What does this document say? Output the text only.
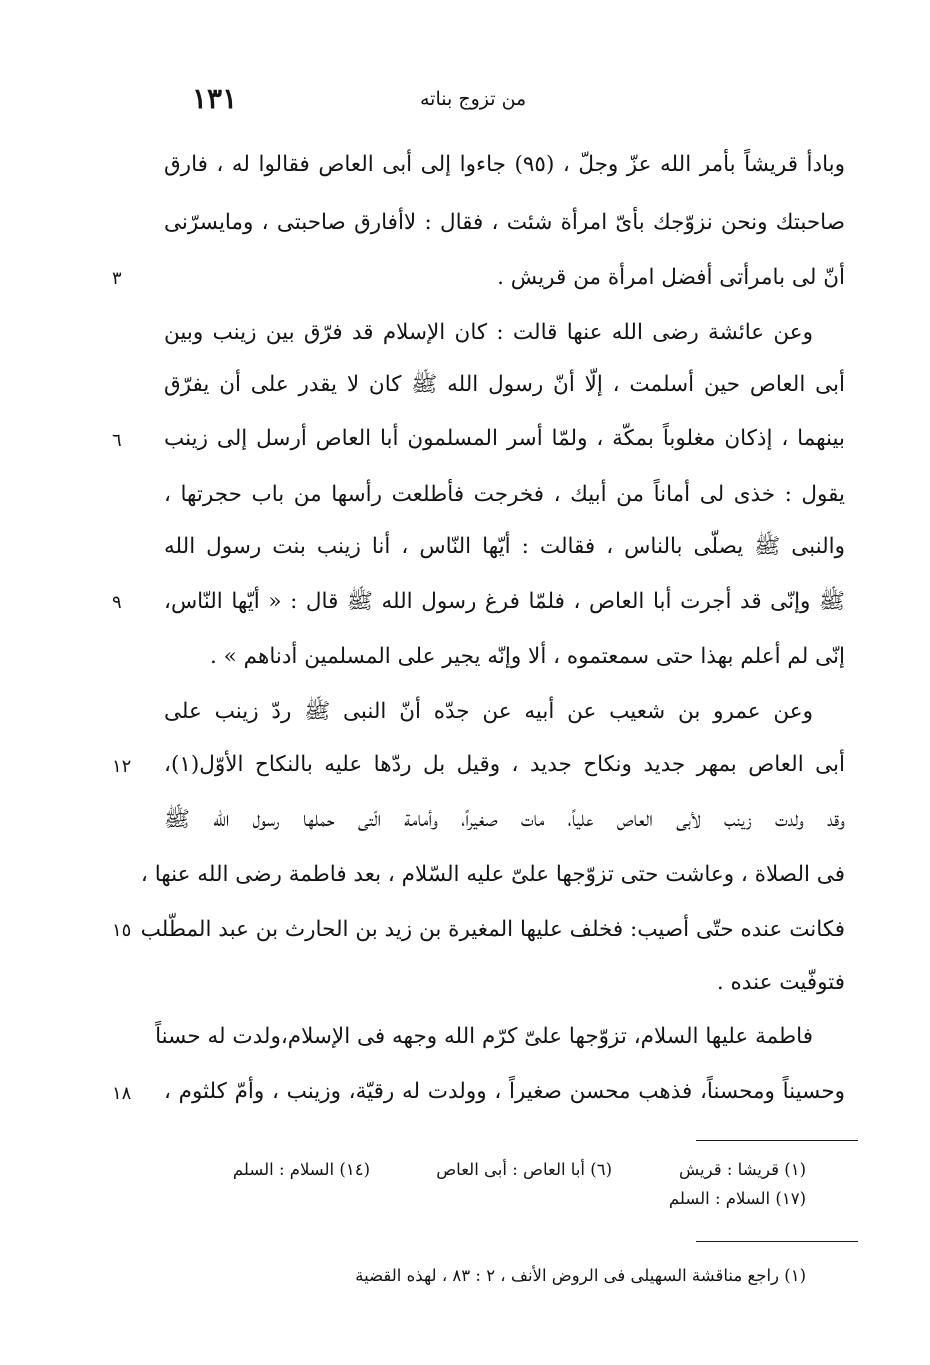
١٣١	من تزوج بناته
وبادأ قريشاً بأمر الله عزّ وجلّ ، (٩٥) جاءوا إلى أبى العاص فقالوا له ، فارق
صاحبتك ونحن نزوّجك بأىّ امرأة شئت ، فقال : لاأفارق صاحبتى ، ومايسرّنى
أنّ لى بامرأتى أفضل امرأة من قريش .
وعن عائشة رضى الله عنها قالت : كان الإسلام قد فرّق بين زينب وبين
أبى العاص حين أسلمت ، إلّا أنّ رسول الله ﷺ كان لا يقدر على أن يفرّق
بينهما ، إذكان مغلوباً بمكّة ، ولمّا أسر المسلمون أبا العاص أرسل إلى زينب
يقول : خذى لى أماناً من أبيك ، فخرجت فأطلعت رأسها من باب حجرتها ،
والنبى ﷺ يصلّى بالناس ، فقالت : أيّها النّاس ، أنا زينب بنت رسول الله
ﷺ وإنّى قد أجرت أبا العاص ، فلمّا فرغ رسول الله ﷺ قال : « أيّها النّاس،
إنّى لم أعلم بهذا حتى سمعتموه ، ألا وإنّه يجير على المسلمين أدناهم » .
وعن عمرو بن شعيب عن أبيه عن جدّه أنّ النبى ﷺ ردّ زينب على
أبى العاص بمهر جديد ونكاح جديد ، وقيل بل ردّها عليه بالنكاح الأوّل(١)،
وقد ولدت زينب لأبى العاص علياً، مات صغيراً، وأمامة الّتى حملها رسول الله ﷺ
فى الصلاة ، وعاشت حتى تزوّجها علىّ عليه السّلام ، بعد فاطمة رضى الله عنها ،
فكانت عنده حتّى أصيب: فخلف عليها المغيرة بن زيد بن الحارث بن عبد المطّلب
فتوفّيت عنده .
فاطمة عليها السلام، تزوّجها علىّ كرّم الله وجهه فى الإسلام،ولدت له حسناً
وحسيناً ومحسناً، فذهب محسن صغيراً ، وولدت له رقيّة، وزينب ، وأمّ كلثوم ،
٣
٦
٩
١٢
١٥
١٨
(١) قريشا : قريش
(٦) أبا العاص : أبى العاص
(١٤) السلام : السلم
(١٧) السلام : السلم
(١) راجع مناقشة السهيلى فى الروض الأنف ، ٢ : ٨٣ ، لهذه القضية
